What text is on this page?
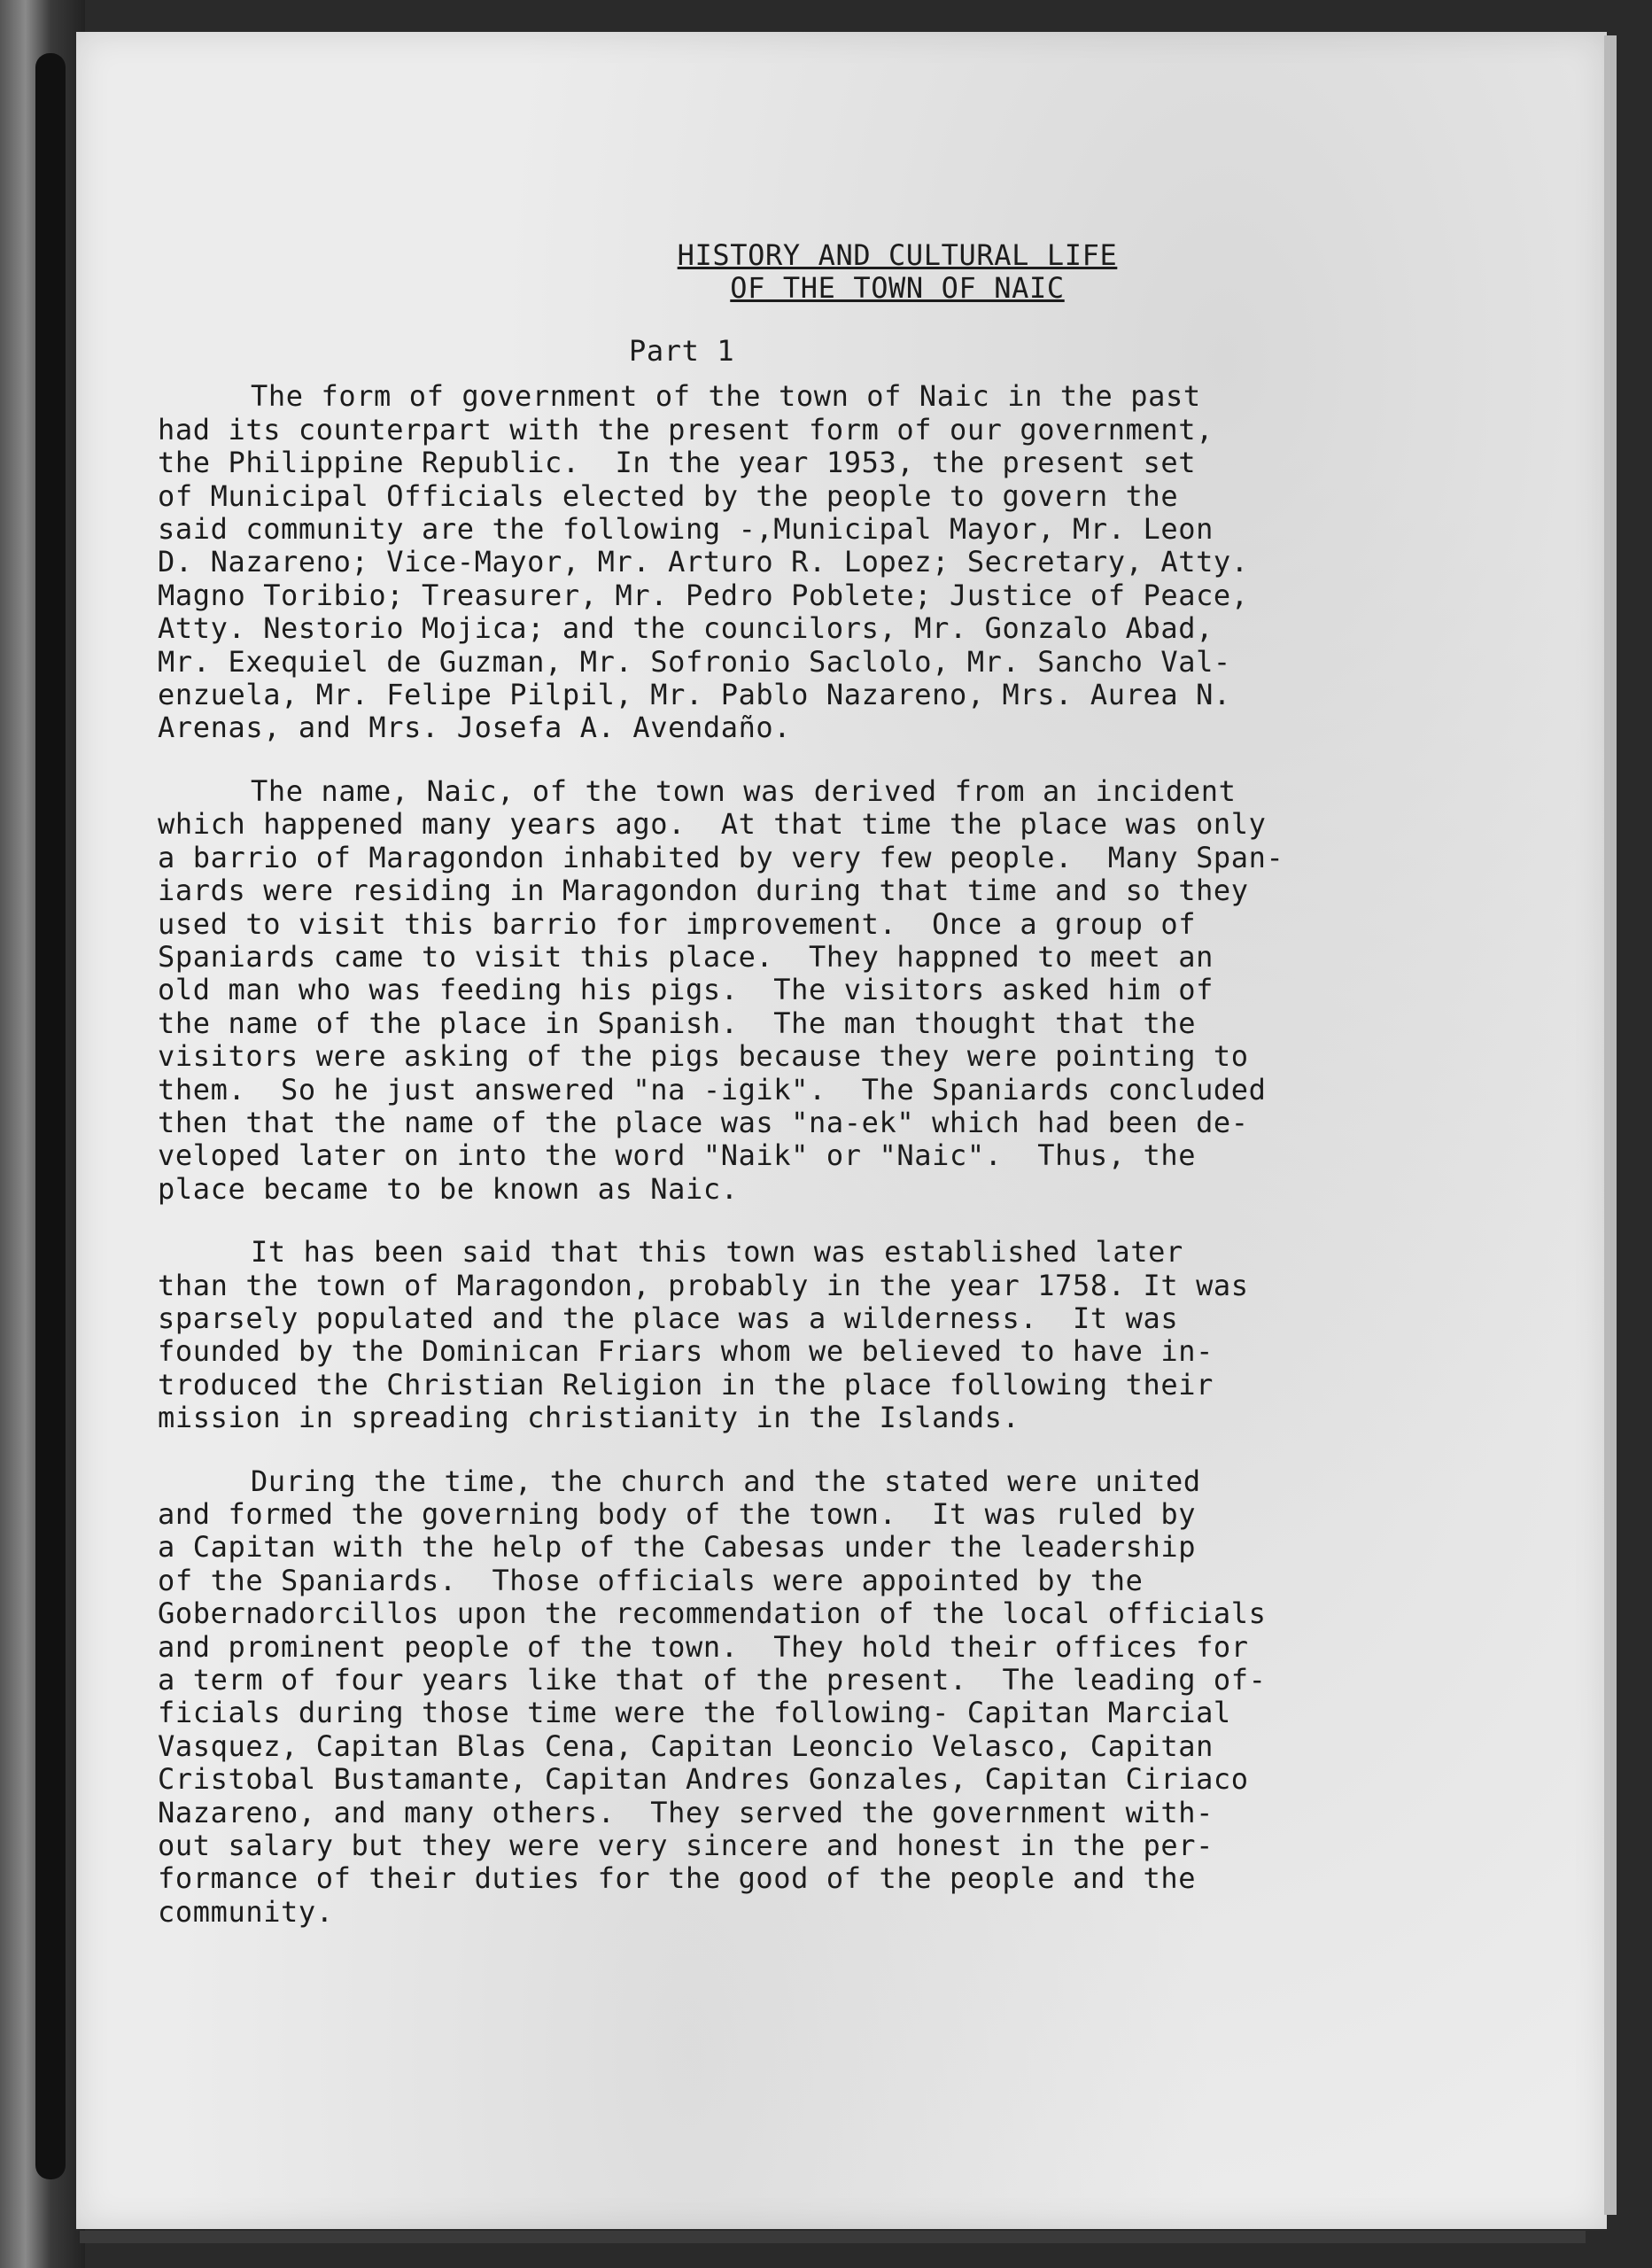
HISTORY AND CULTURAL LIFE
OF THE TOWN OF NAIC
Part 1
The form of government of the town of Naic in the past
had its counterpart with the present form of our government,
the Philippine Republic.  In the year 1953, the present set
of Municipal Officials elected by the people to govern the
said community are the following -,Municipal Mayor, Mr. Leon
D. Nazareno; Vice-Mayor, Mr. Arturo R. Lopez; Secretary, Atty.
Magno Toribio; Treasurer, Mr. Pedro Poblete; Justice of Peace,
Atty. Nestorio Mojica; and the councilors, Mr. Gonzalo Abad,
Mr. Exequiel de Guzman, Mr. Sofronio Saclolo, Mr. Sancho Val-
enzuela, Mr. Felipe Pilpil, Mr. Pablo Nazareno, Mrs. Aurea N.
Arenas, and Mrs. Josefa A. Avendaño.
The name, Naic, of the town was derived from an incident
which happened many years ago.  At that time the place was only
a barrio of Maragondon inhabited by very few people.  Many Span-
iards were residing in Maragondon during that time and so they
used to visit this barrio for improvement.  Once a group of
Spaniards came to visit this place.  They happned to meet an
old man who was feeding his pigs.  The visitors asked him of
the name of the place in Spanish.  The man thought that the
visitors were asking of the pigs because they were pointing to
them.  So he just answered "na -igik".  The Spaniards concluded
then that the name of the place was "na-ek" which had been de-
veloped later on into the word "Naik" or "Naic".  Thus, the
place became to be known as Naic.
It has been said that this town was established later
than the town of Maragondon, probably in the year 1758. It was
sparsely populated and the place was a wilderness.  It was
founded by the Dominican Friars whom we believed to have in-
troduced the Christian Religion in the place following their
mission in spreading christianity in the Islands.
During the time, the church and the stated were united
and formed the governing body of the town.  It was ruled by
a Capitan with the help of the Cabesas under the leadership
of the Spaniards.  Those officials were appointed by the
Gobernadorcillos upon the recommendation of the local officials
and prominent people of the town.  They hold their offices for
a term of four years like that of the present.  The leading of-
ficials during those time were the following- Capitan Marcial
Vasquez, Capitan Blas Cena, Capitan Leoncio Velasco, Capitan
Cristobal Bustamante, Capitan Andres Gonzales, Capitan Ciriaco
Nazareno, and many others.  They served the government with-
out salary but they were very sincere and honest in the per-
formance of their duties for the good of the people and the
community.
